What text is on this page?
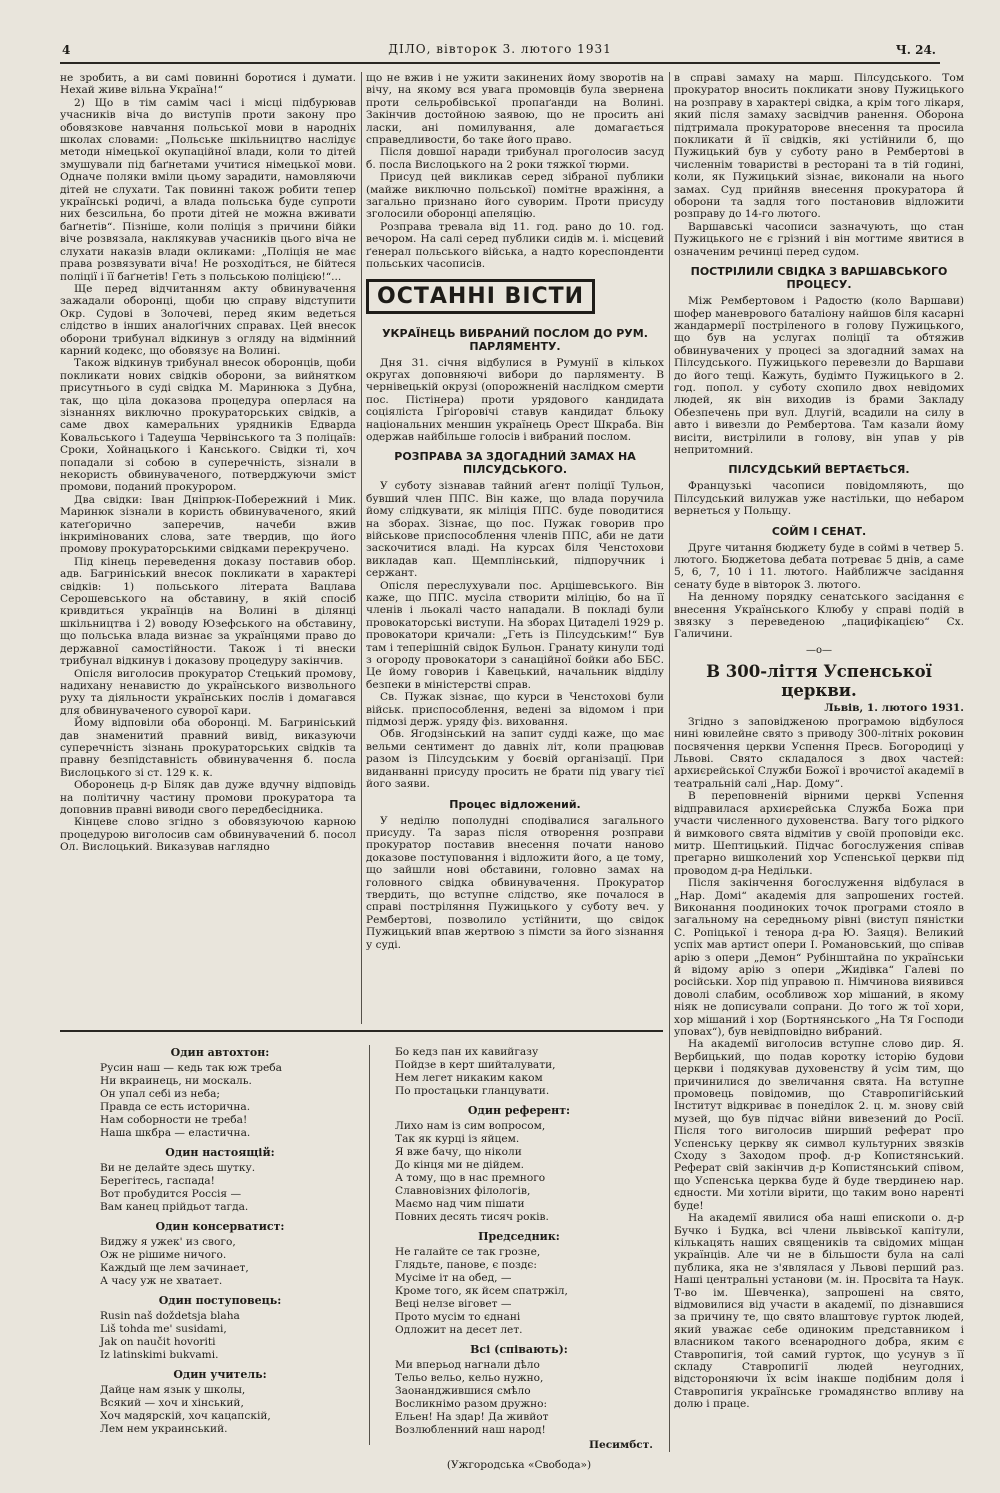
4	ДІЛО, вівторок 3. лютого 1931	Ч. 24.

не зробить, а ви самі повинні боротися і думати. Нехай живе вільна Україна!“

2) Що в тім самім часі і місці підбурював учасників віча до виступів проти закону про обовязкове навчання польської мови в народніх школах словами: „Польське шкільництво наслідує методи німецької окупаційної влади, коли то дітей змушували під баґнетами учитися німецької мови. Одначе поляки вміли цьому зарадити, намовляючи дітей не слухати. Так повинні також робити тепер українські родичі, а влада польська буде супроти них безсильна, бо проти дітей не можна вживати баґнетів“. Пізніше, коли поліція з причини бійки віче розвязала, наклякував учасників цього віча не слухати наказів влади окликами: „Поліція не має права розвязувати віча! Не розходіться, не бійтеся поліції і її баґнетів! Геть з польською поліцією!“...

Ще перед відчитанням акту обвинувачення зажадали оборонці, щоби цю справу відступити Окр. Судові в Золочеві, перед яким ведеться слідство в інших аналоґічних справах. Цей внесок оборони трибунал відкинув з огляду на відмінний карний кодекс, що обовязує на Волині.

Також відкинув трибунал внесок оборонців, щоби покликати нових свідків оборони, за вийнятком присутнього в суді свідка М. Маринюка з Дубна, так, що ціла доказова процедура оперлася на зізнаннях виключно прокураторських свідків, а саме двох камеральних урядників Едварда Ковальського і Тадеуша Червінського та 3 поліцаїв: Сроки, Хойнацького і Канського. Свідки ті, хоч попадали зі собою в суперечність, зізнали в некористь обвинуваченого, потверджуючи зміст промови, поданий прокурором.

Два свідки: Іван Дніпрюк-Побережний і Мик. Маринюк зізнали в користь обвинуваченого, який катеґорично заперечив, начеби вжив інкримінованих слова, зате твердив, що його промову прокураторськими свідками перекручено.

Під кінець переведення доказу поставив обор. адв. Багриніський внесок покликати в характері свідків: 1) польського літерата Вацлава Серошевського на обставину, в якій спосіб кривдиться українців на Волині в ділянці шкільництва і 2) воводу Юзефського на обставину, що польська влада визнає за українцями право до державної самостійности. Також і ті внески трибунал відкинув і доказову процедуру закінчив.

Опісля виголосив прокуратор Стецький промову, надихану ненавистю до українського визвольного руху та діяльности українських послів і домагався для обвинуваченого суворої кари.

Йому відповіли оба оборонці. М. Багриніський дав знаменитий правний вивід, виказуючи суперечність зізнань прокураторських свідків та правну безпідставність обвинувачення б. посла Вислоцького зі ст. 129 к. к.

Оборонець д-р Біляк дав дуже вдучну відповідь на політичну частину промови прокуратора та доповнив правні виводи свого передбесідника.

Кінцеве слово згідно з обовязуючою карною процедурою виголосив сам обвинувачений б. посол Ол. Вислоцький. Виказував наглядно

що не вжив і не ужити закинених йому зворотів на вічу, на якому вся увага промовців була звернена проти сельробівської пропаґанди на Волині. Закінчив достойною заявою, що не просить ані ласки, ані помилування, але домагається справедливости, бо таке його право.

Після довшої наради трибунал проголосив засуд б. посла Вислоцького на 2 роки тяжкої тюрми.

Присуд цей викликав серед зібраної публики (майже виключно польської) помітне вражіння, а загально признано його суворим. Проти присуду зголосили оборонці апеляцію.

Розправа тревала від 11. год. рано до 10. год. вечором. На салі серед публики сидів м. і. місцевий ґенерал польського війська, а надто кореспонденти польських часописів.

ОСТАННІ ВІСТИ
УКРАЇНЕЦЬ ВИБРАНИЙ ПОСЛОМ ДО РУМ. ПАРЛЯМЕНТУ.

Дня 31. січня відбулися в Румунії в кількох округах доповняючі вибори до парляменту. В чернівецькій окрузі (опорожненій наслідком смерти пос. Пістінера) проти урядового кандидата соціяліста Ґріґоровічі ставув кандидат бльоку національних меншин українець Орест Шкраба. Він одержав найбільше голосів і вибраний послом.

РОЗПРАВА ЗА ЗДОГАДНИЙ ЗАМАХ НА ПІЛСУДСЬКОГО.

У суботу зізнавав тайний аґент поліції Тульон, бувший член ППС. Він каже, що влада поручила йому слідкувати, як міліція ППС. буде поводитися на зборах. Зізнає, що пос. Пужак говорив про військове приспособлення членів ППС, аби не дати заскочитися владі. На курсах біля Ченстохови викладав кап. Щемплінський, підпоручник і сержант.

Опісля переслухували пос. Арцішевського. Він каже, що ППС. мусіла створити міліцію, бо на її членів і льокалі часто нападали. В покладі були провокаторські виступи. На зборах Цитаделі 1929 р. провокатори кричали: „Геть із Пілсудським!“ Був там і теперішній свідок Бульон. Гранату кинули тоді з огороду провокатори з санаційної бойки або ББС. Це йому говорив і Кавецький, начальник відділу безпеки в міністерстві справ.

Св. Пужак зізнає, що курси в Ченстохові були військ. приспособлення, ведені за відомом і при підмозі держ. уряду фіз. виховання.

Обв. Ягодзінський на запит судді каже, що має вельми сентимент до давніх літ, коли працював разом із Пілсудським у боєвій організації. При виданванні присуду просить не брати під увагу тієї його заяви.

Процес відложений.

У неділю пополудні сподівалися загального присуду. Та зараз після отворення розправи прокуратор поставив внесення почати наново доказове поступовання і відложити його, а це тому, що зайшли нові обставини, головно замах на головного свідка обвинувачення. Прокуратор твердить, що вступне слідство, яке почалося в справі постріляння Пужицького у суботу веч. у Рембертові, позволило устійнити, що свідок Пужицький впав жертвою з пімсти за його зізнання у суді.

в справі замаху на марш. Пілсудського. Том прокуратор вносить покликати знову Пужицького на розправу в характері свідка, а крім того лікаря, який після замаху засвідчив ранення. Оборона підтримала прокураторове внесення та просила покликати й її свідків, які устійнили б, що Пужицький був у суботу рано в Рембертові в численнім товаристві в ресторані та в тій годині, коли, як Пужицький зізнає, виконали на нього замах. Суд прийняв внесення прокуратора й оборони та задля того постановив відложити розправу до 14-го лютого.

Варшавські часописи зазначують, що стан Пужицького не є грізний і він могтиме явитися в означеним речинці перед судом.

ПОСТРІЛИЛИ СВІДКА З ВАРШАВСЬКОГО ПРОЦЕСУ.

Між Рембертовом і Радостю (коло Варшави) шофер маневрового баталіону найшов біля касарні жандармерії постріленого в голову Пужицького, що був на услугах поліції та обтяжив обвинувачених у процесі за здогадний замах на Пілсудського. Пужицького перевезли до Варшави до його тещі. Кажуть, будімто Пужицького в 2. год. попол. у суботу схопило двох невідомих людей, як він виходив із брами Закладу Обезпечень при вул. Длугій, всадили на силу в авто і вивезли до Рембертова. Там казали йому висіти, вистрілили в голову, він упав у рів непритомний.

ПІЛСУДСЬКИЙ ВЕРТАЄТЬСЯ.

Французькі часописи повідомляють, що Пілсудський вилужав уже настільки, що небаром вернеться у Польщу.

СОЙМ І СЕНАТ.

Друге читання бюджету буде в соймі в четвер 5. лютого. Бюджетова дебата потреває 5 днів, а саме 5, 6, 7, 10 і 11. лютого. Найближче засідання сенату буде в вівторок 3. лютого.

На денному порядку сенатського засідання є внесення Українського Клюбу у справі подій в звязку з переведеною „пацифікацією“ Сх. Галичини.

—o—
В 300-ліття Успенської церкви.
Львів, 1. лютого 1931.

Згідно з заповідженою програмою відбулося нині ювилейне свято з приводу 300-літніх роковин посвячення церкви Успення Пресв. Богородиці у Львові. Свято складалося з двох частей: архиєрейської Служби Божої і врочистої академії в театральній салі „Нар. Дому“.

В переповненій вірними церкві Успення відправилася архиєрейська Служба Божа при участи численного духовенства. Вагу того рідкого й вимкового свята відмітив у своїй проповіди екс. митр. Шептицький. Підчас богослужения співав прегарно вишколений хор Успенської церкви під проводом д-ра Недільки.

Після закінчення богослуження відбулася в „Нар. Домі“ академія для запрошених гостей. Виконання поодиноких точок програми стояло в загальному на середньому рівні (виступ пяністки С. Ропіцької і тенора д-ра Ю. Заяця). Великий успіх мав артист опери І. Романовський, що співав арію з опери „Демон“ Рубінштайна по українськи й відому арію з опери „Жидівка“ Галеві по російськи. Хор під управою п. Німчинова виявився доволі слабим, особливож хор мішаний, в якому ніяк не дописували сопрани. До того ж тої хори, хор мішаний і хор (Бортнянського „На Тя Господи уповах“), був невідповідно вибраний.

На академії виголосив вступне слово дир. Я. Вербицький, що подав коротку історію будови церкви і подякував духовенству й усім тим, що причинилися до звеличання свята. На вступне промовець повідомив, що Ставропигійський Інститут відкриває в понеділок 2. ц. м. знову свій музей, що був підчас війни вивезений до Росії. Після того виголосив ширший реферат про Успенську церкву як символ культурних звязків Сходу з Заходом проф. д-р Копистянський. Реферат свій закінчив д-р Копистянський співом, що Успенська церква буде й буде твердинею нар. єдности. Ми хотіли вірити, що таким воно наренті буде!

На академії явилися оба наші епископи о. д-р Бучко і Будка, всі члени львівської капітули, кількацять наших священиків та свідомих міщан українців. Але чи не в більшости була на салі публика, яка не з'являлася у Львові перший раз. Наші центральні установи (м. ін. Просвіта та Наук. Т-во ім. Шевченка), запрошені на свято, відмовилися від участи в академії, по дізнавшися за причину те, що свято влаштовує гурток людей, який уважає себе одиноким представником і власником такого всенародного добра, яким є Ставропигія, той самий гурток, що усунув з її складу Ставропигії людей неугодних, відстороняючи їх всім інакше подібним доля і Ставропигія українське громадянство впливу на долю і праце.

Один автохтон:
Русин наш — кедь так юж треба
Ни вкраинець, ни москаль.
Он упал себі из неба;
Правда се есть исторична.
Нам соборности не треба!
Наша шкбра — еластична.
Один настоящій:
Ви не делайте здесь шутку.
Берегітесь, гаспада!
Вот пробудится Россія —
Вам канец прійдьот тагда.
Один консерватист:
Виджу я ужек' из свого,
Ож не рішиме ничого.
Каждый ще лем зачинает,
А часу уж не хватает.
Один поступовець:
Rusin naš doždetsja blaha
Liš tohda me' susidami,
Jak on naučit hovoriti
Iz latinskimi bukvami.
Один учитель:
Дайце нам язык у школы,
Всякий — хоч и хінський,
Хоч мадярскій, хоч кацапскій,
Лем нем украинський.
Бо кедз пан их кавийгазу
Пойдзе в керт шийталувати,
Нем легет никаким каком
По простацьки гланцувати.
Один референт:
Лихо нам із сим вопросом,
Так як курці із яйцем.
Я вже бачу, що ніколи
До кінця ми не дійдем.
А тому, що в нас премного
Славновізних філологів,
Маємо над чим пішати
Повних десять тисяч років.
Председник:
Не галайте се так грозне,
Глядьте, панове, є поздє:
Мусіме іт на обед, —
Кроме того, як йсем спатржіл,
Веці нелзе віговет —
Прото мусім то єднані
Одложит на десет лет.
Всі (співають):
Ми вперьод нагнали дѣло
Тельо вельо, кельо нужно,
Заонанджившися смѣло
Восликнімо разом дружно:
Ельен! На здар! Да живйот
Возлюбленний наш народ!
Песимбст.
(Ужгородська «Свобода»)
